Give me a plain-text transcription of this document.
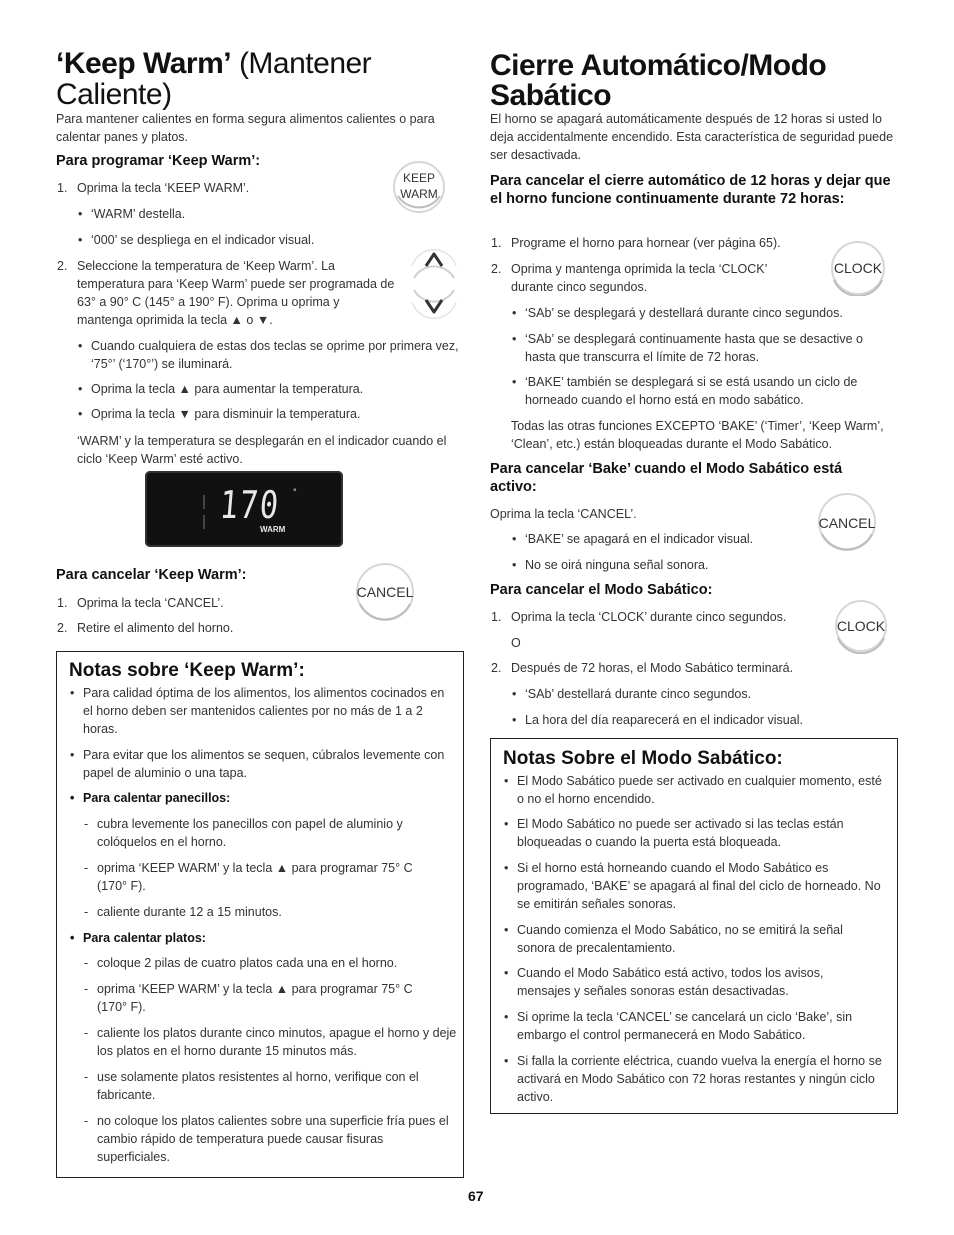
‘Keep Warm’ (Mantener Caliente)
Para mantener calientes en forma segura alimentos calientes o para calentar panes y platos.
Para programar ‘Keep Warm’:
1. Oprima la tecla ‘KEEP WARM’.
• ‘WARM’ destella.
• ‘000’ se despliega en el indicador visual.
2. Seleccione la temperatura de ‘Keep Warm’. La temperatura para ‘Keep Warm’ puede ser programada de 63° a 90° C (145° a 190° F). Oprima u oprima y mantenga oprimida la tecla ▲ o ▼.
• Cuando cualquiera de estas dos teclas se oprime por primera vez, ‘75°’ (‘170°’) se iluminará.
• Oprima la tecla ▲ para aumentar la temperatura.
• Oprima la tecla ▼ para disminuir la temperatura.
‘WARM’ y la temperatura se desplegarán en el indicador cuando el ciclo ‘Keep Warm’ esté activo.
Para cancelar ‘Keep Warm’:
1. Oprima la tecla ‘CANCEL’.
2. Retire el alimento del horno.
KEEP
WARM
170 °
WARM
CANCEL
Notas sobre ‘Keep Warm’:
• Para calidad óptima de los alimentos, los alimentos cocinados en el horno deben ser mantenidos calientes por no más de 1 a 2 horas.
• Para evitar que los alimentos se sequen, cúbralos levemente con papel de aluminio o una tapa.
• Para calentar panecillos:
- cubra levemente los panecillos con papel de aluminio y colóquelos en el horno.
- oprima ‘KEEP WARM’ y la tecla ▲ para programar 75° C (170° F).
- caliente durante 12 a 15 minutos.
• Para calentar platos:
- coloque 2 pilas de cuatro platos cada una en el horno.
- oprima ‘KEEP WARM’ y la tecla ▲ para programar 75° C (170° F).
- caliente los platos durante cinco minutos, apague el horno y deje los platos en el horno durante 15 minutos más.
- use solamente platos resistentes al horno, verifique con el fabricante.
- no coloque los platos calientes sobre una superficie fría pues el cambio rápido de temperatura puede causar fisuras superficiales.
Cierre Automático/Modo Sabático
El horno se apagará automáticamente después de 12 horas si usted lo deja accidentalmente encendido. Esta característica de seguridad puede ser desactivada.
Para cancelar el cierre automático de 12 horas y dejar que el horno funcione continuamente durante 72 horas:
1. Programe el horno para hornear (ver página 65).
2. Oprima y mantenga oprimida la tecla ‘CLOCK’ durante cinco segundos.
• ‘SAb’ se desplegará y destellará durante cinco segundos.
• ‘SAb’ se desplegará continuamente hasta que se desactive o hasta que transcurra el límite de 72 horas.
• ‘BAKE’ también se desplegará si se está usando un ciclo de horneado cuando el horno está en modo sabático.
Todas las otras funciones EXCEPTO ‘BAKE’ (‘Timer’, ‘Keep Warm’, ‘Clean’, etc.) están bloqueadas durante el Modo Sabático.
Para cancelar ‘Bake’ cuando el Modo Sabático está activo:
Oprima la tecla ‘CANCEL’.
• ‘BAKE’ se apagará en el indicador visual.
• No se oirá ninguna señal sonora.
Para cancelar el Modo Sabático:
1. Oprima la tecla ‘CLOCK’ durante cinco segundos.
O
2. Después de 72 horas, el Modo Sabático terminará.
• ‘SAb’ destellará durante cinco segundos.
• La hora del día reaparecerá en el indicador visual.
CLOCK
CANCEL
CLOCK
Notas Sobre el Modo Sabático:
• El Modo Sabático puede ser activado en cualquier momento, esté o no el horno encendido.
• El Modo Sabático no puede ser activado si las teclas están bloqueadas o cuando la puerta está bloqueada.
• Si el horno está horneando cuando el Modo Sabático es programado, ‘BAKE’ se apagará al final del ciclo de horneado. No se emitirán señales sonoras.
• Cuando comienza el Modo Sabático, no se emitirá la señal sonora de precalentamiento.
• Cuando el Modo Sabático está activo, todos los avisos, mensajes y señales sonoras están desactivadas.
• Si oprime la tecla ‘CANCEL’ se cancelará un ciclo ‘Bake’, sin embargo el control permanecerá en Modo Sabático.
• Si falla la corriente eléctrica, cuando vuelva la energía el horno se activará en Modo Sabático con 72 horas restantes y ningún ciclo activo.
67
